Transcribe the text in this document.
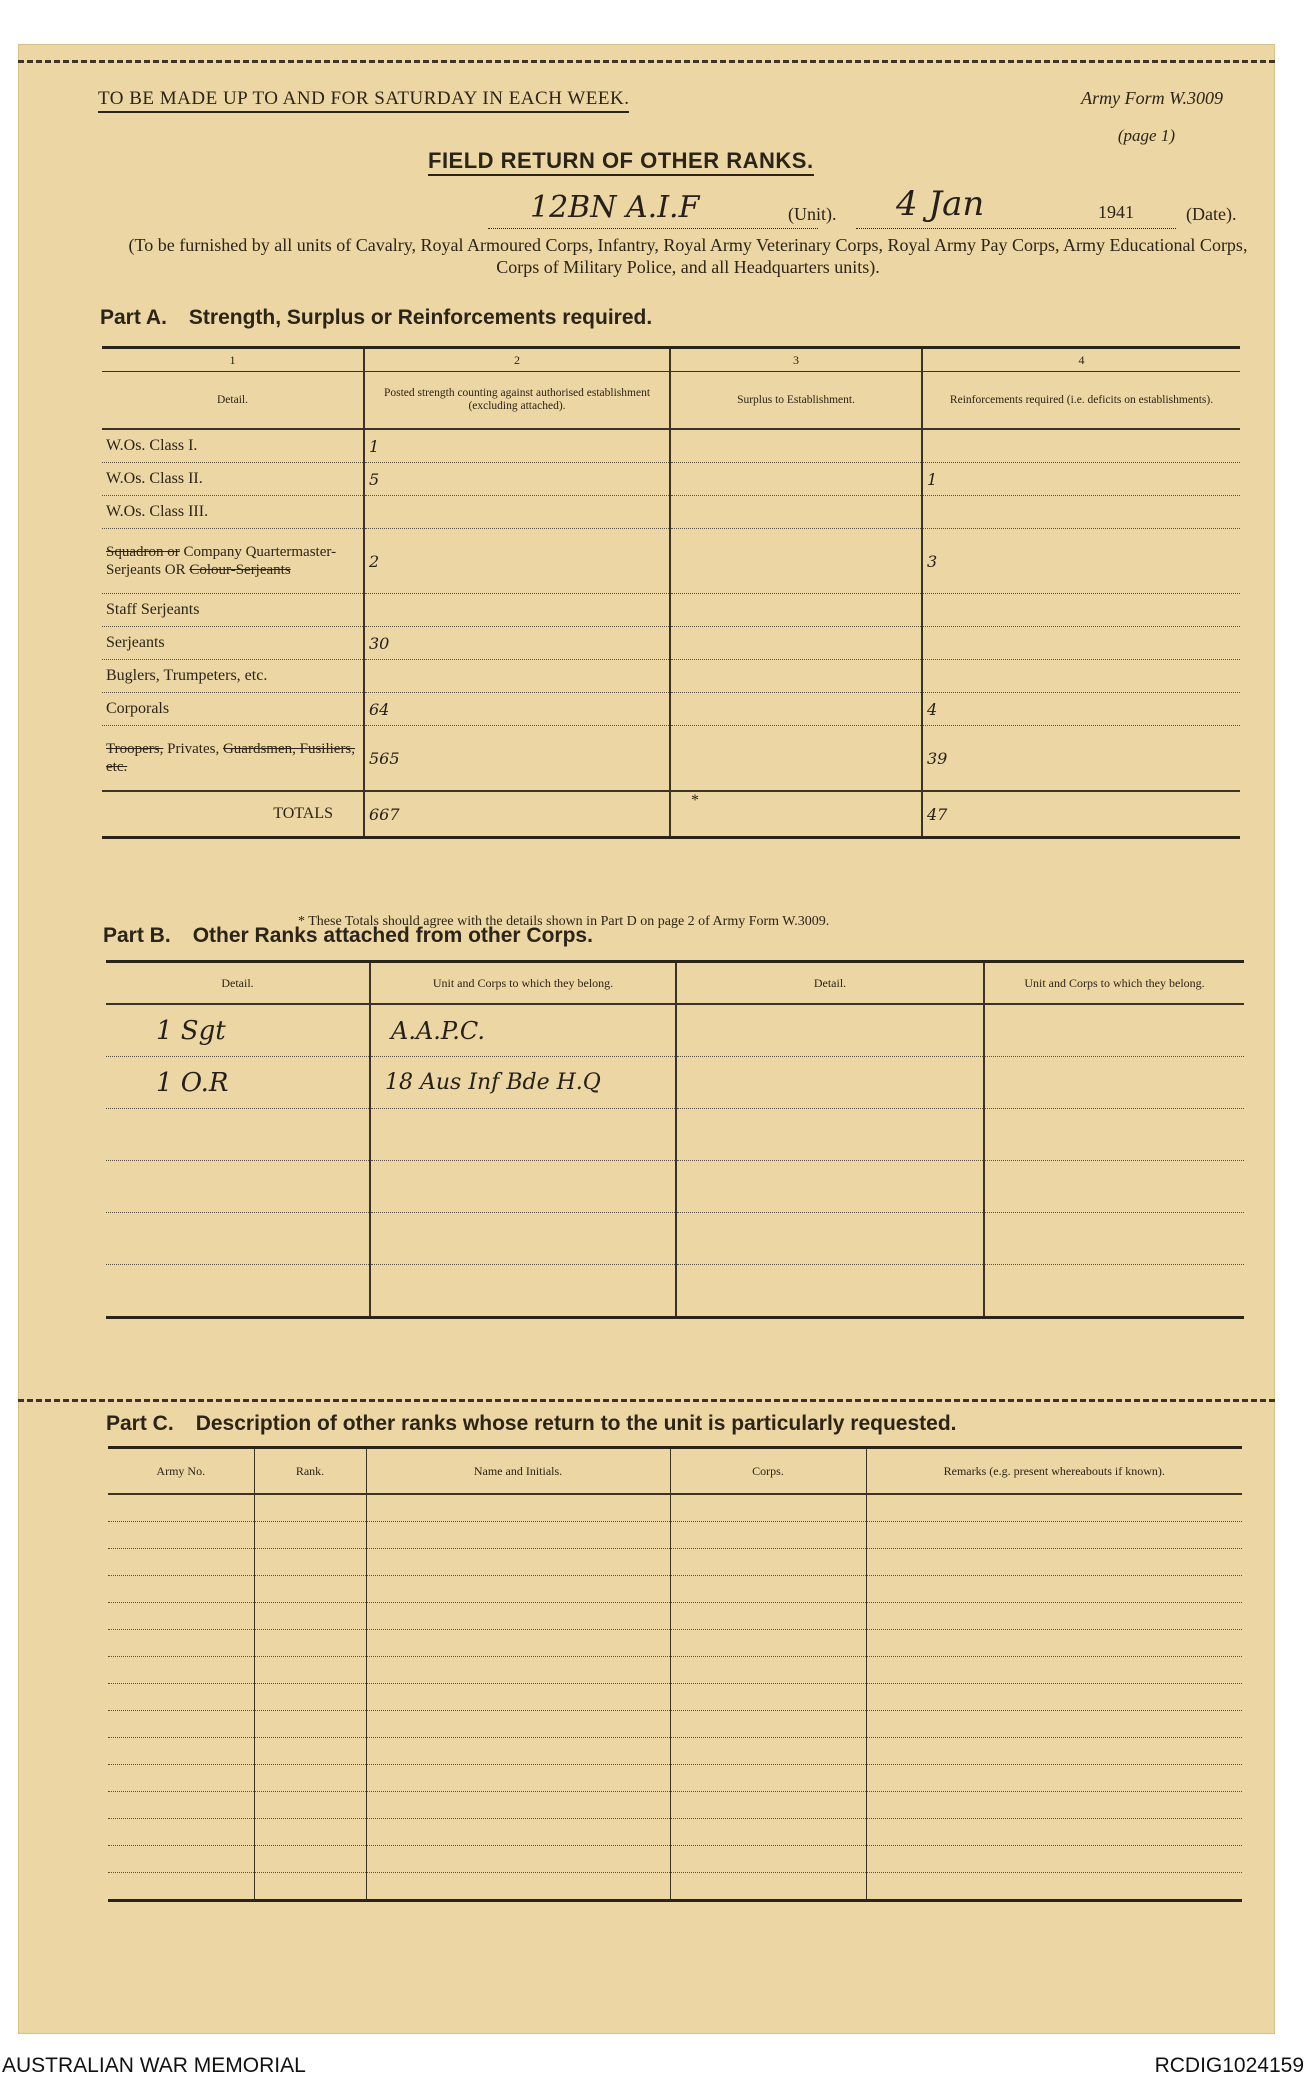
TO BE MADE UP TO AND FOR SATURDAY IN EACH WEEK.	Army Form W.3009
(page 1)
FIELD RETURN OF OTHER RANKS.
12BN A.I.F	(Unit). 4 Jan	1941	(Date).
(To be furnished by all units of Cavalry, Royal Armoured Corps, Infantry, Royal Army Veterinary Corps, Royal Army Pay Corps, Army Educational Corps, Corps of Military Police, and all Headquarters units).
Part A. Strength, Surplus or Reinforcements required.
1	2	3	4
Detail.	Posted strength counting against authorised establishment (excluding attached).	Surplus to Establishment.	Reinforcements required (i.e. deficits on establishments).
W.Os. Class I.	1		
W.Os. Class II.	5		1
W.Os. Class III.			
Squadron or Company Quartermaster-Serjeants OR Colour-Serjeants	2		3
Staff Serjeants			
Serjeants	30		
Buglers, Trumpeters, etc.			
Corporals	64		4
Troopers, Privates, Guardsmen, Fusiliers, etc.	565		39
TOTALS	667	*	47
* These Totals should agree with the details shown in Part D on page 2 of Army Form W.3009.
Part B. Other Ranks attached from other Corps.
Detail.	Unit and Corps to which they belong.	Detail.	Unit and Corps to which they belong.
1 Sgt	A.A.P.C.		
1 O.R	18 Aus Inf Bde H.Q		

Part C. Description of other ranks whose return to the unit is particularly requested.
Army No.	Rank.	Name and Initials.	Corps.	Remarks (e.g. present whereabouts if known).

AUSTRALIAN WAR MEMORIAL	RCDIG1024159
